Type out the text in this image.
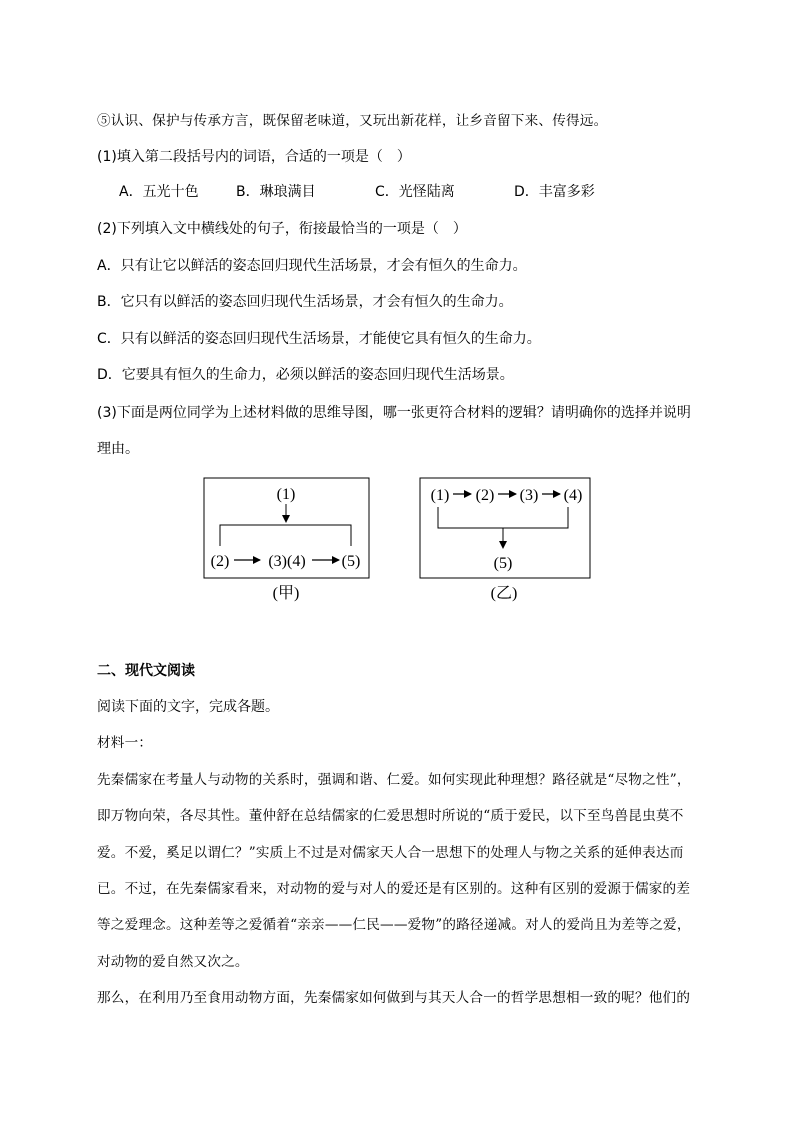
⑤认识、保护与传承方言，既保留老味道，又玩出新花样，让乡音留下来、传得远。
(1)填入第二段括号内的词语，合适的一项是（　）
A．五光十色	B．琳琅满目	C．光怪陆离	D．丰富多彩
(2)下列填入文中横线处的句子，衔接最恰当的一项是（　）
A．只有让它以鲜活的姿态回归现代生活场景，才会有恒久的生命力。
B．它只有以鲜活的姿态回归现代生活场景，才会有恒久的生命力。
C．只有以鲜活的姿态回归现代生活场景，才能使它具有恒久的生命力。
D．它要具有恒久的生命力，必须以鲜活的姿态回归现代生活场景。
(3)下面是两位同学为上述材料做的思维导图，哪一张更符合材料的逻辑？请明确你的选择并说明
理由。
(1)
(2) (3)(4) (5)
(甲)
(1) (2) (3) (4)
(5)
(乙)
二、现代文阅读
阅读下面的文字，完成各题。
材料一：
先秦儒家在考量人与动物的关系时，强调和谐、仁爱。如何实现此种理想？路径就是“尽物之性”，
即万物向荣，各尽其性。董仲舒在总结儒家的仁爱思想时所说的“质于爱民，以下至鸟兽昆虫莫不
爱。不爱，奚足以谓仁？”实质上不过是对儒家天人合一思想下的处理人与物之关系的延伸表达而
已。不过，在先秦儒家看来，对动物的爱与对人的爱还是有区别的。这种有区别的爱源于儒家的差
等之爱理念。这种差等之爱循着“亲亲——仁民——爱物”的路径递减。对人的爱尚且为差等之爱，
对动物的爱自然又次之。
那么，在利用乃至食用动物方面，先秦儒家如何做到与其天人合一的哲学思想相一致的呢？他们的
